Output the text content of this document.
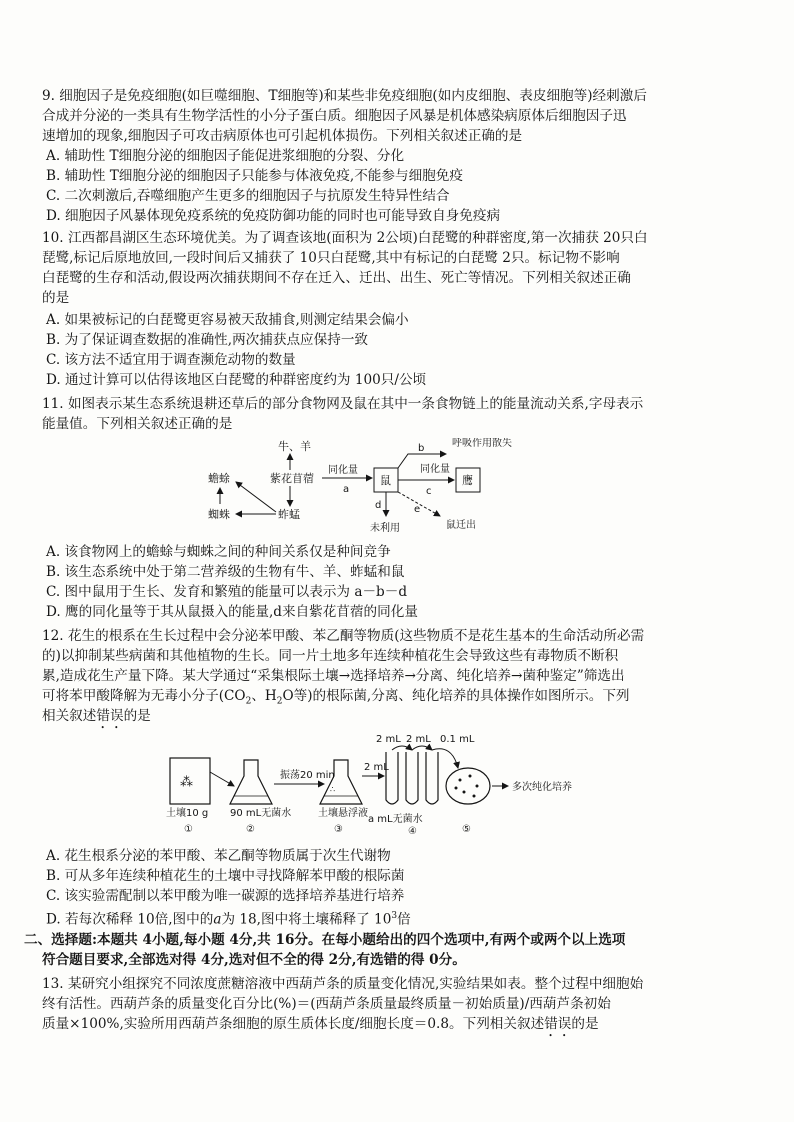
9. 细胞因子是免疫细胞(如巨噬细胞、T细胞等)和某些非免疫细胞(如内皮细胞、表皮细胞等)经刺激后
合成并分泌的一类具有生物学活性的小分子蛋白质。细胞因子风暴是机体感染病原体后细胞因子迅
速增加的现象,细胞因子可攻击病原体也可引起机体损伤。下列相关叙述正确的是
A. 辅助性 T细胞分泌的细胞因子能促进浆细胞的分裂、分化
B. 辅助性 T细胞分泌的细胞因子只能参与体液免疫,不能参与细胞免疫
C. 二次刺激后,吞噬细胞产生更多的细胞因子与抗原发生特异性结合
D. 细胞因子风暴体现免疫系统的免疫防御功能的同时也可能导致自身免疫病
10. 江西都昌湖区生态环境优美。为了调查该地(面积为 2公顷)白琵鹭的种群密度,第一次捕获 20只白
琵鹭,标记后原地放回,一段时间后又捕获了 10只白琵鹭,其中有标记的白琵鹭 2只。标记物不影响
白琵鹭的生存和活动,假设两次捕获期间不存在迁入、迁出、出生、死亡等情况。下列相关叙述正确
的是
A. 如果被标记的白琵鹭更容易被天敌捕食,则测定结果会偏小
B. 为了保证调查数据的准确性,两次捕获点应保持一致
C. 该方法不适宜用于调查濒危动物的数量
D. 通过计算可以估得该地区白琵鹭的种群密度约为 100只/公顷
11. 如图表示某生态系统退耕还草后的部分食物网及鼠在其中一条食物链上的能量流动关系,字母表示
能量值。下列相关叙述正确的是
牛、羊
紫花苜蓿
蟾蜍
蜘蛛	蚱蜢
同化量
a
鼠
b	呼吸作用散失
同化量
c
鹰
d
未利用
e
鼠迁出
A. 该食物网上的蟾蜍与蜘蛛之间的种间关系仅是种间竞争
B. 该生态系统中处于第二营养级的生物有牛、羊、蚱蜢和鼠
C. 图中鼠用于生长、发育和繁殖的能量可以表示为 a－b－d
D. 鹰的同化量等于其从鼠摄入的能量,d来自紫花苜蓿的同化量
12. 花生的根系在生长过程中会分泌苯甲酸、苯乙酮等物质(这些物质不是花生基本的生命活动所必需
的)以抑制某些病菌和其他植物的生长。同一片土地多年连续种植花生会导致这些有毒物质不断积
累,造成花生产量下降。某大学通过“采集根际土壤→选择培养→分离、纯化培养→菌种鉴定”筛选出
可将苯甲酸降解为无毒小分子($CO_2$、$H_2O$等)的根际菌,分离、纯化培养的具体操作如图所示。下列
相关叙述错误的是
⁂
土壤10 g
①
90 mL无菌水
②
振荡20 min
∴
土壤悬浮液
③
2 mL
2 mL 2 mL 0.1 mL
a mL无菌水
④	⑤
多次纯化培养
A. 花生根系分泌的苯甲酸、苯乙酮等物质属于次生代谢物
B. 可从多年连续种植花生的土壤中寻找降解苯甲酸的根际菌
C. 该实验需配制以苯甲酸为唯一碳源的选择培养基进行培养
D. 若每次稀释 10倍,图中的a为 18,图中将土壤稀释了 $10^3$倍
二、选择题:本题共 4小题,每小题 4分,共 16分。在每小题给出的四个选项中,有两个或两个以上选项
符合题目要求,全部选对得 4分,选对但不全的得 2分,有选错的得 0分。
13. 某研究小组探究不同浓度蔗糖溶液中西葫芦条的质量变化情况,实验结果如表。整个过程中细胞始
终有活性。西葫芦条的质量变化百分比(%)＝(西葫芦条质量最终质量－初始质量)/西葫芦条初始
质量×100%,实验所用西葫芦条细胞的原生质体长度/细胞长度＝0.8。下列相关叙述错误的是
